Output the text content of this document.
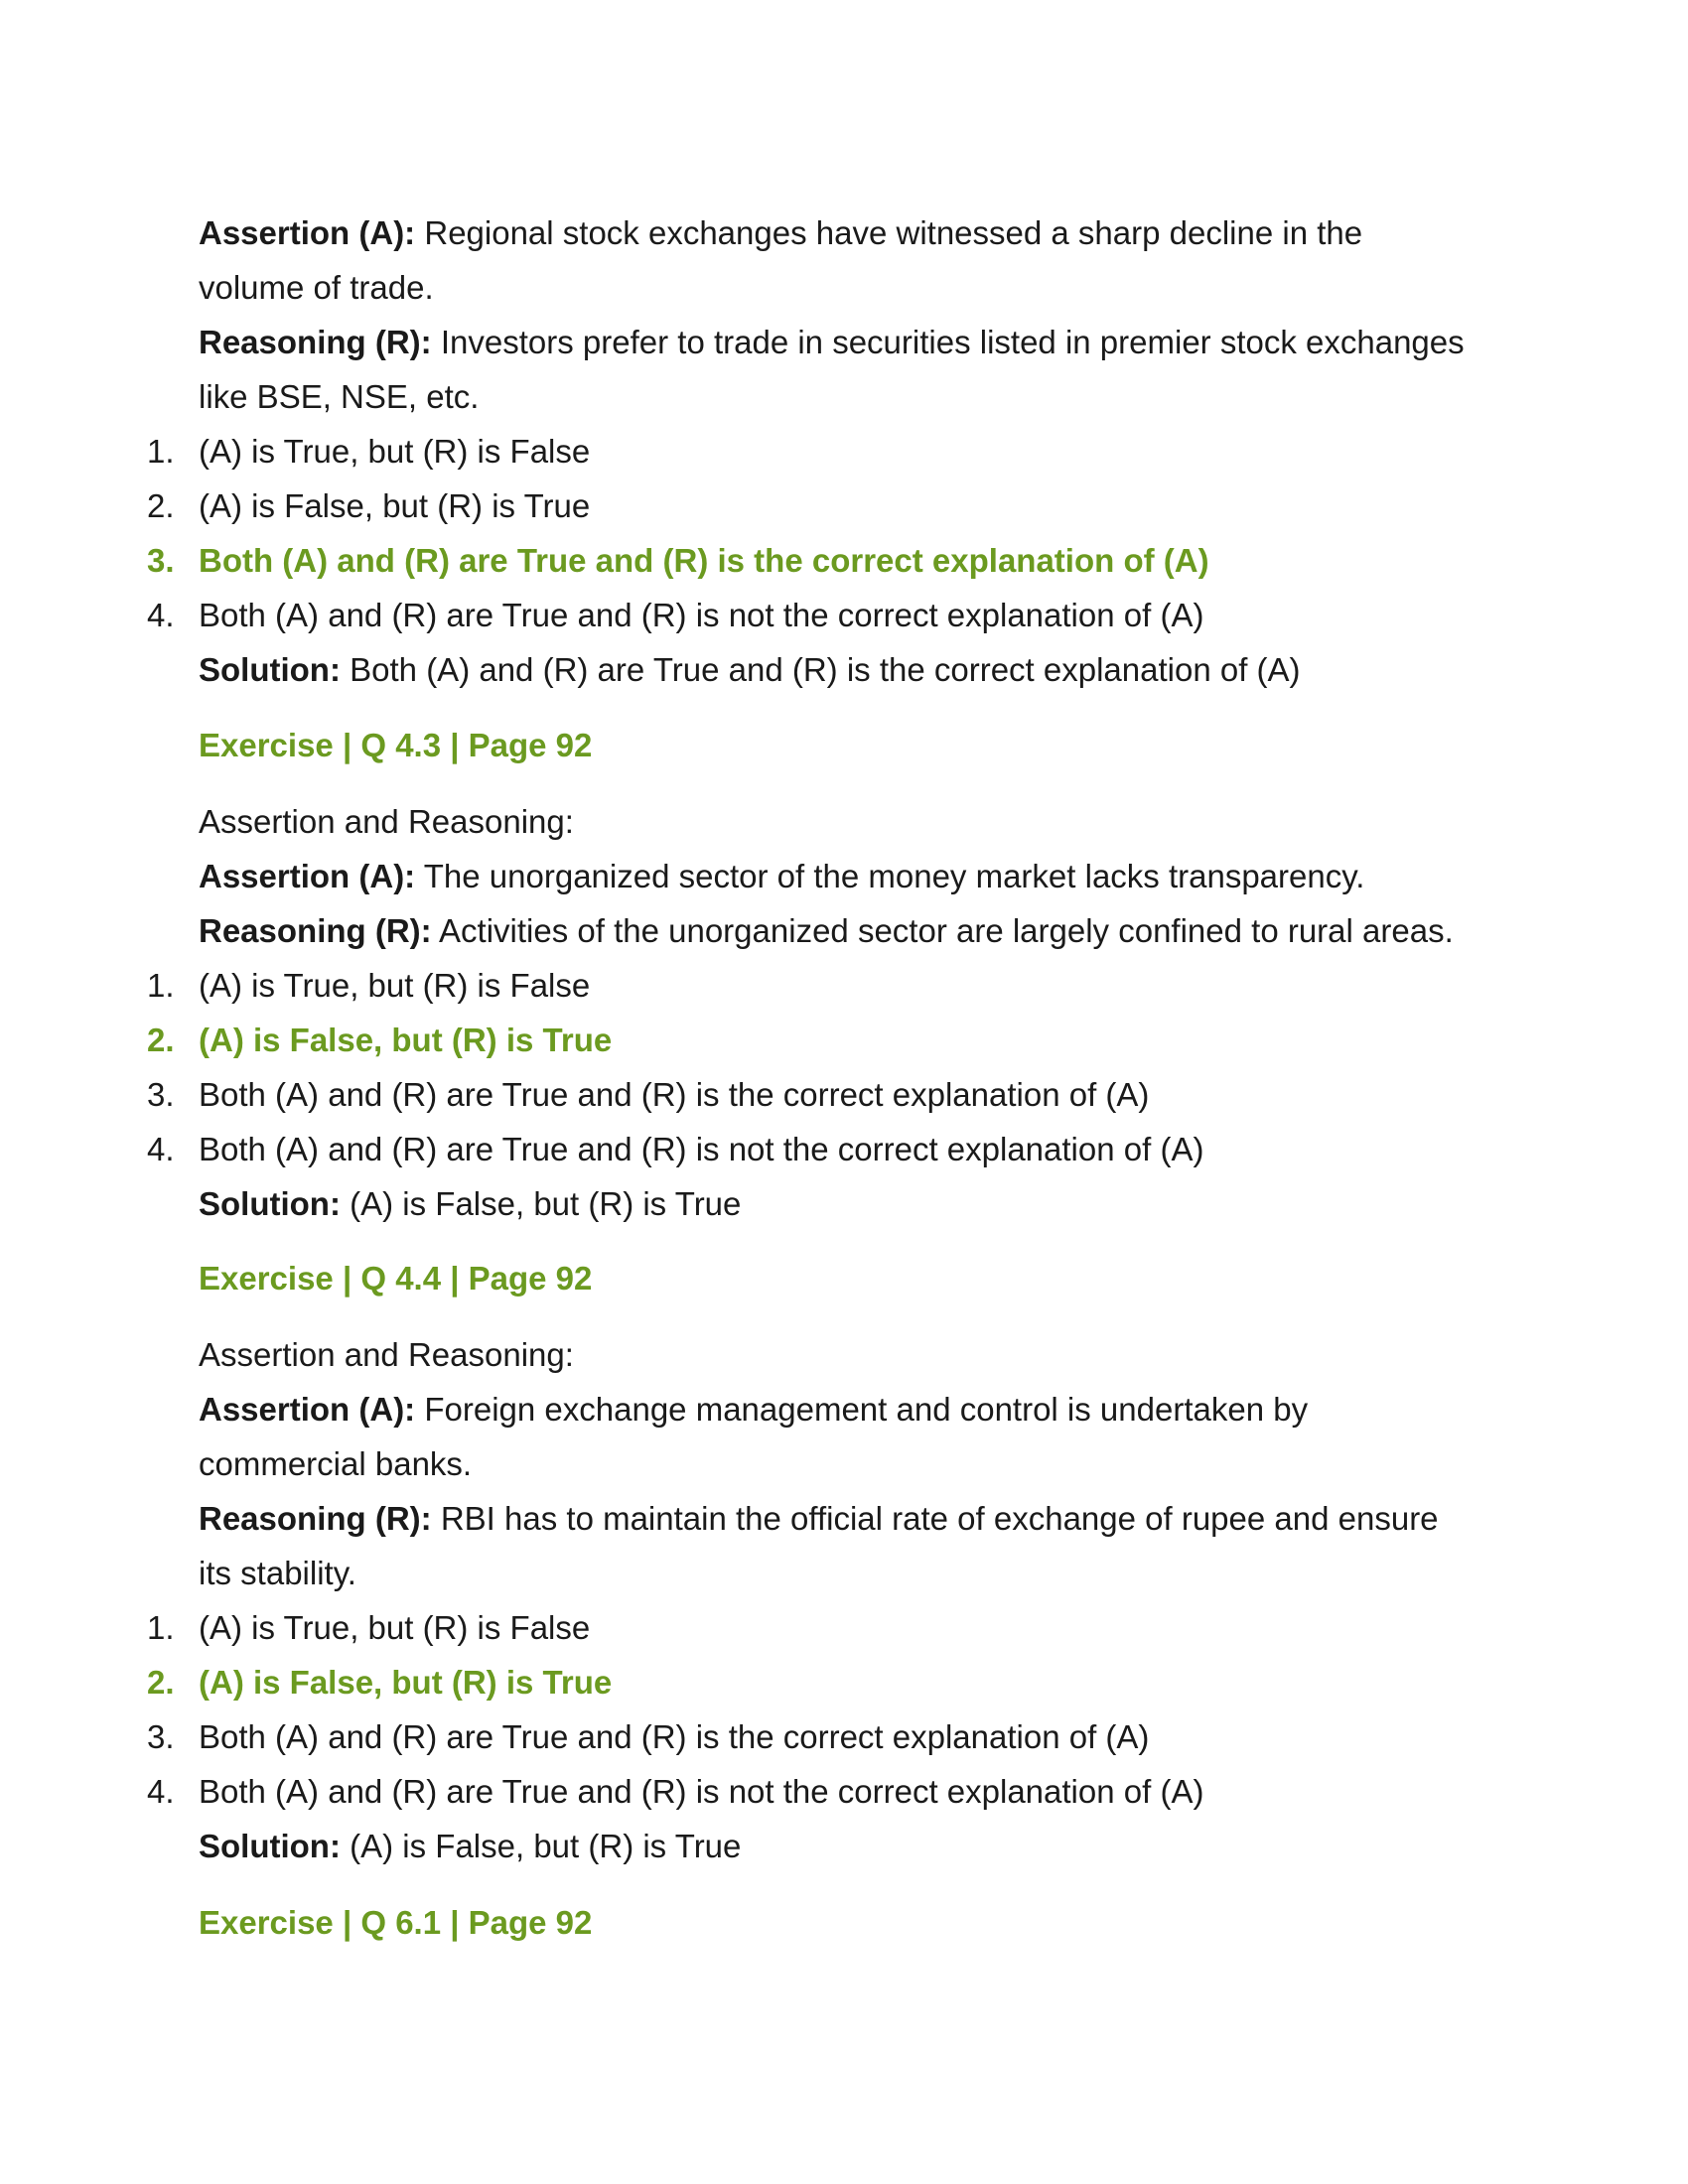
Assertion (A): Regional stock exchanges have witnessed a sharp decline in the
volume of trade.
Reasoning (R): Investors prefer to trade in securities listed in premier stock exchanges
like BSE, NSE, etc.
1. (A) is True, but (R) is False
2. (A) is False, but (R) is True
3. Both (A) and (R) are True and (R) is the correct explanation of (A)
4. Both (A) and (R) are True and (R) is not the correct explanation of (A)
Solution: Both (A) and (R) are True and (R) is the correct explanation of (A)
Exercise | Q 4.3 | Page 92
Assertion and Reasoning:
Assertion (A): The unorganized sector of the money market lacks transparency.
Reasoning (R): Activities of the unorganized sector are largely confined to rural areas.
1. (A) is True, but (R) is False
2. (A) is False, but (R) is True
3. Both (A) and (R) are True and (R) is the correct explanation of (A)
4. Both (A) and (R) are True and (R) is not the correct explanation of (A)
Solution: (A) is False, but (R) is True
Exercise | Q 4.4 | Page 92
Assertion and Reasoning:
Assertion (A): Foreign exchange management and control is undertaken by
commercial banks.
Reasoning (R): RBI has to maintain the official rate of exchange of rupee and ensure
its stability.
1. (A) is True, but (R) is False
2. (A) is False, but (R) is True
3. Both (A) and (R) are True and (R) is the correct explanation of (A)
4. Both (A) and (R) are True and (R) is not the correct explanation of (A)
Solution: (A) is False, but (R) is True
Exercise | Q 6.1 | Page 92
